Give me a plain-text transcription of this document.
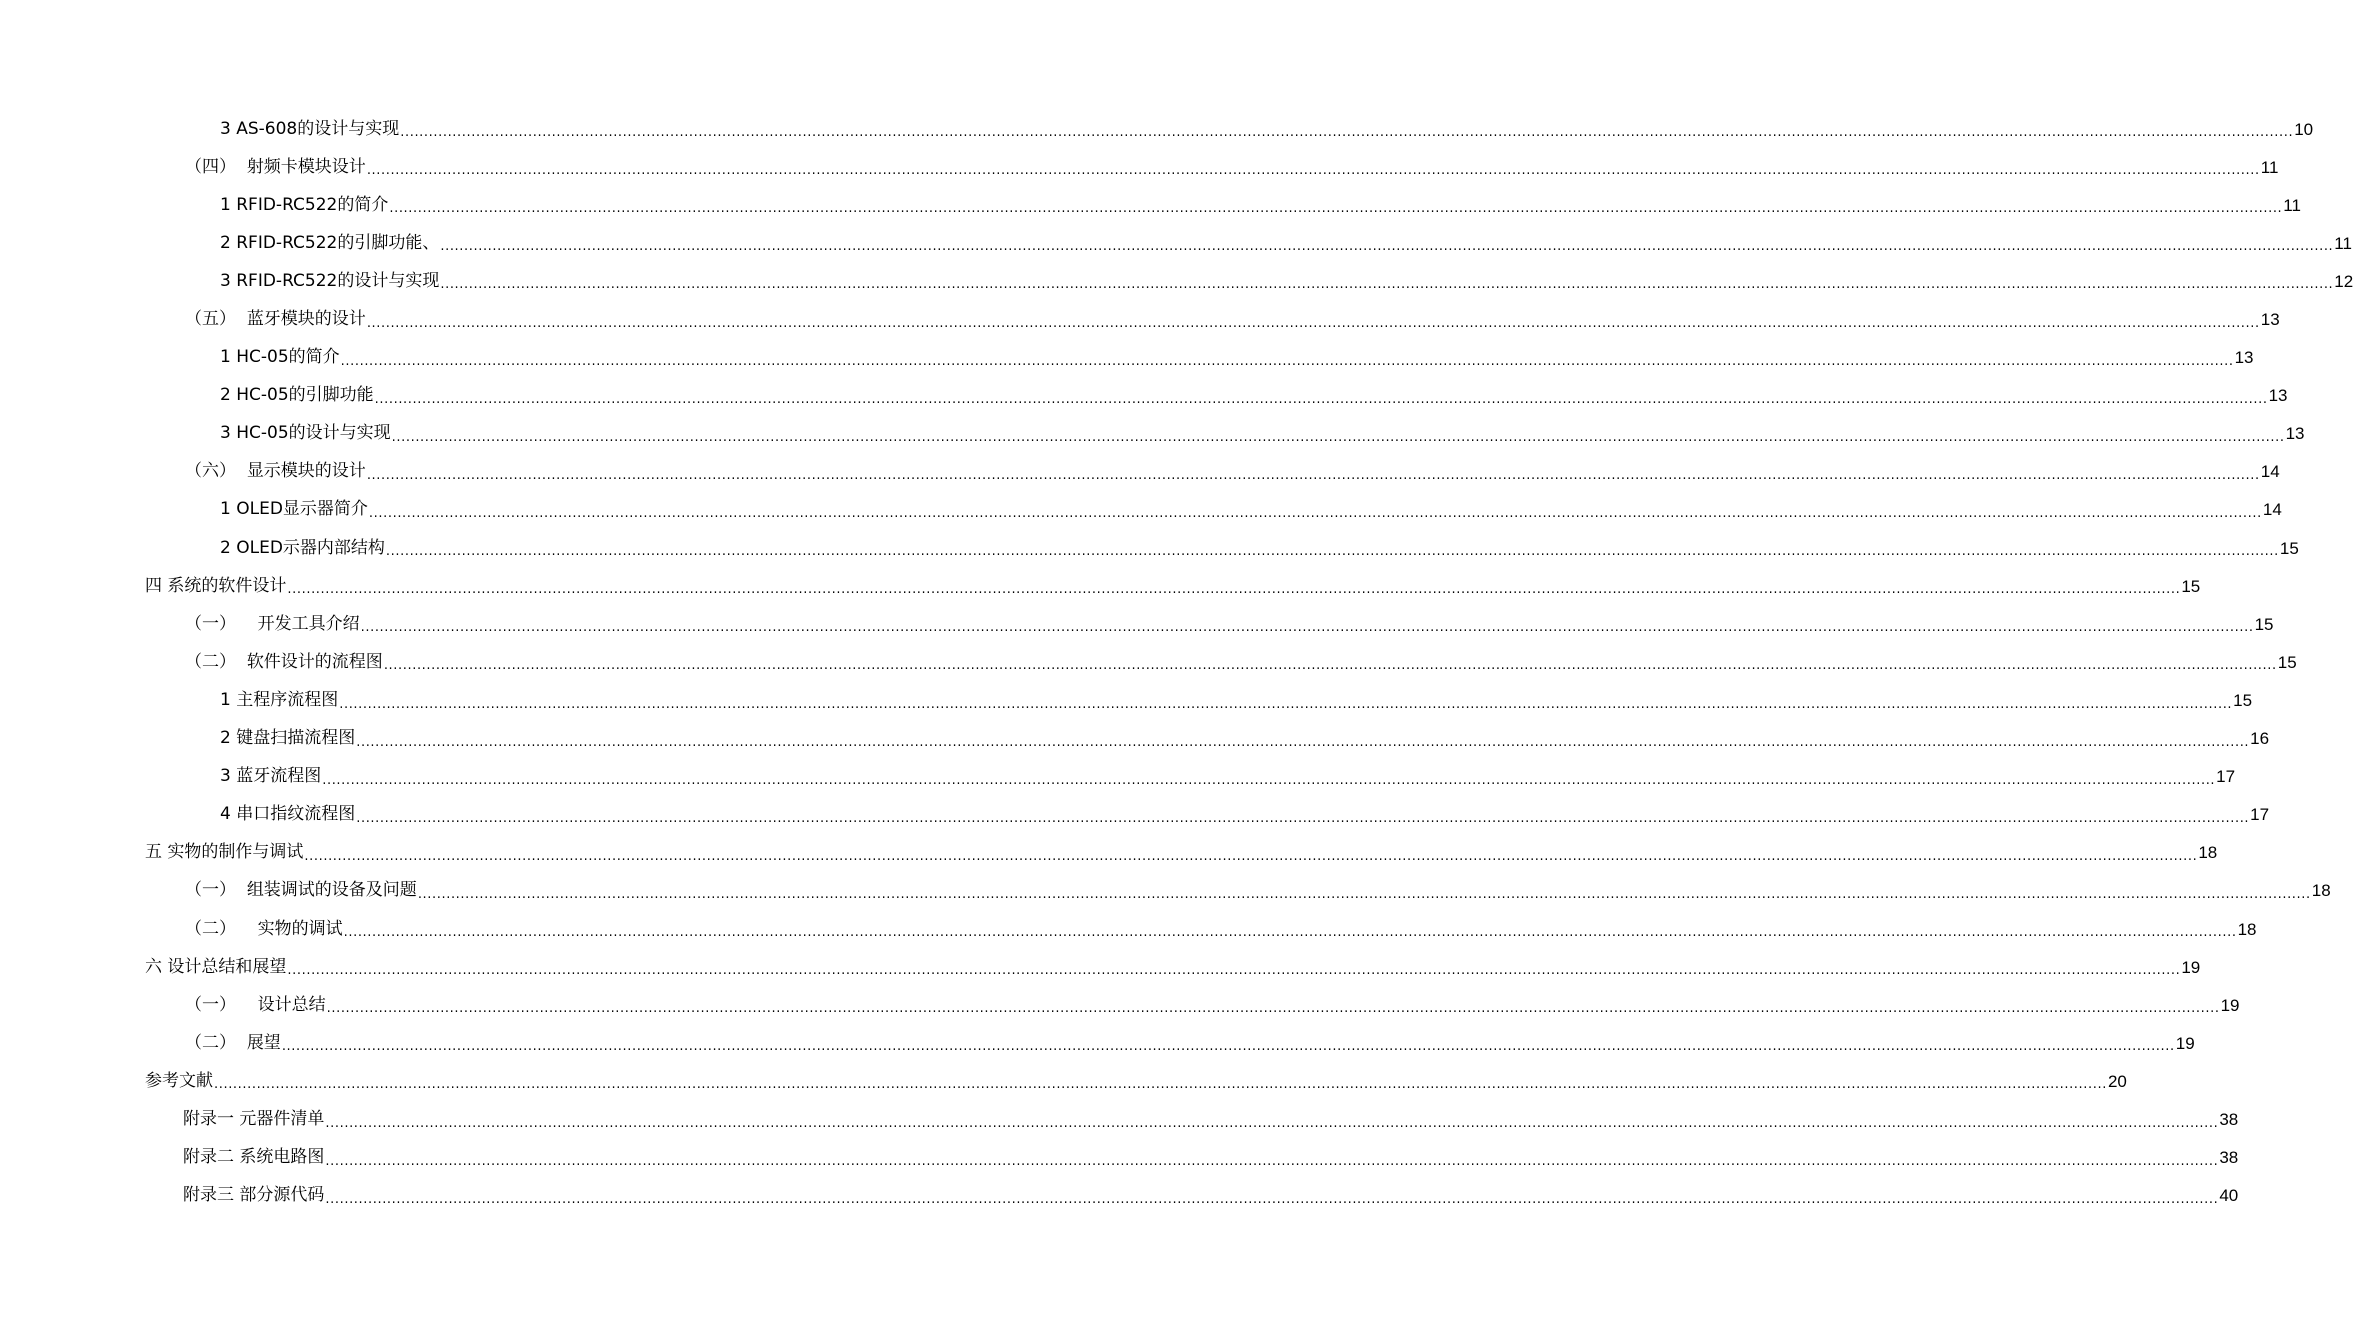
3 AS-608的设计与实现 ................................................................................................................................................................................................................................................................................................................................................................................................................ 10
（四） 射频卡模块设计 ................................................................................................................................................................................................................................................................................................................................................................................................................ 11
1 RFID-RC522的简介 ................................................................................................................................................................................................................................................................................................................................................................................................................ 11
2 RFID-RC522的引脚功能、 ................................................................................................................................................................................................................................................................................................................................................................................................................ 11
3 RFID-RC522的设计与实现 ................................................................................................................................................................................................................................................................................................................................................................................................................ 12
（五） 蓝牙模块的设计 ................................................................................................................................................................................................................................................................................................................................................................................................................ 13
1 HC-05的简介 ................................................................................................................................................................................................................................................................................................................................................................................................................ 13
2 HC-05的引脚功能 ................................................................................................................................................................................................................................................................................................................................................................................................................ 13
3 HC-05的设计与实现 ................................................................................................................................................................................................................................................................................................................................................................................................................ 13
（六） 显示模块的设计 ................................................................................................................................................................................................................................................................................................................................................................................................................ 14
1 OLED显示器简介 ................................................................................................................................................................................................................................................................................................................................................................................................................ 14
2 OLED示器内部结构 ................................................................................................................................................................................................................................................................................................................................................................................................................ 15
四 系统的软件设计 ................................................................................................................................................................................................................................................................................................................................................................................................................ 15
（一） 开发工具介绍 ................................................................................................................................................................................................................................................................................................................................................................................................................ 15
（二） 软件设计的流程图 ................................................................................................................................................................................................................................................................................................................................................................................................................ 15
1 主程序流程图 ................................................................................................................................................................................................................................................................................................................................................................................................................ 15
2 键盘扫描流程图 ................................................................................................................................................................................................................................................................................................................................................................................................................ 16
3 蓝牙流程图 ................................................................................................................................................................................................................................................................................................................................................................................................................ 17
4 串口指纹流程图 ................................................................................................................................................................................................................................................................................................................................................................................................................ 17
五 实物的制作与调试 ................................................................................................................................................................................................................................................................................................................................................................................................................ 18
（一） 组装调试的设备及问题 ................................................................................................................................................................................................................................................................................................................................................................................................................ 18
（二） 实物的调试 ................................................................................................................................................................................................................................................................................................................................................................................................................ 18
六 设计总结和展望 ................................................................................................................................................................................................................................................................................................................................................................................................................ 19
（一） 设计总结 ................................................................................................................................................................................................................................................................................................................................................................................................................ 19
（二） 展望 ................................................................................................................................................................................................................................................................................................................................................................................................................ 19
参考文献 ................................................................................................................................................................................................................................................................................................................................................................................................................ 20
附录一 元器件清单 ................................................................................................................................................................................................................................................................................................................................................................................................................ 38
附录二 系统电路图 ................................................................................................................................................................................................................................................................................................................................................................................................................ 38
附录三 部分源代码 ................................................................................................................................................................................................................................................................................................................................................................................................................ 40
